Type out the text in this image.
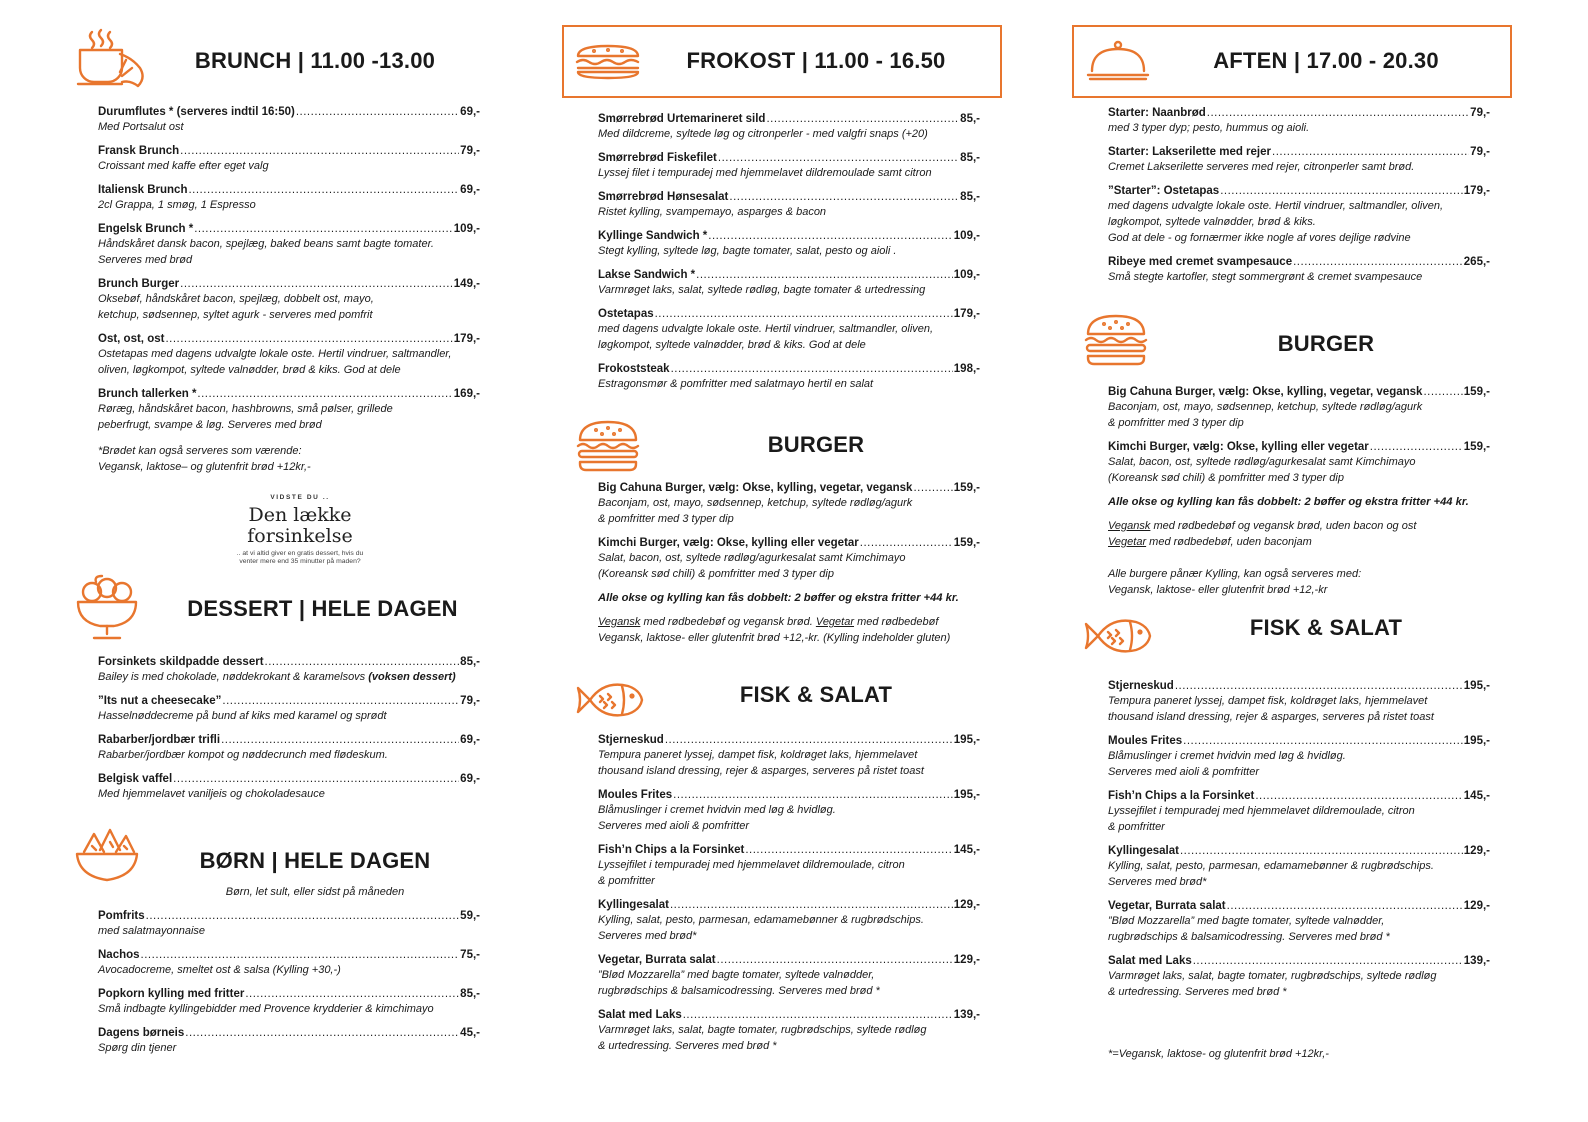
BRUNCH | 11.00 -13.00
Durumflutes * (serveres indtil 16:50) .....	69,-
Med Portsalut ost
Fransk Brunch .....	79,-
Croissant med kaffe efter eget valg
Italiensk Brunch .....	69,-
2cl Grappa, 1 smøg, 1 Espresso
Engelsk Brunch * .....	109,-
Håndskåret dansk bacon, spejlæg, baked beans samt bagte tomater.
Serveres med brød
Brunch Burger .....	149,-
Oksebøf, håndskåret bacon, spejlæg, dobbelt ost, mayo,
ketchup, sødsennep, syltet agurk - serveres med pomfrit
Ost, ost, ost .....	179,-
Ostetapas med dagens udvalgte lokale oste. Hertil vindruer, saltmandler,
oliven, løgkompot, syltede valnødder, brød & kiks. God at dele
Brunch tallerken * .....	169,-
Røræg, håndskåret bacon, hashbrowns, små pølser, grillede
peberfrugt, svampe & løg. Serveres med brød
*Brødet kan også serveres som værende:
Vegansk, laktose– og glutenfrit brød +12kr,-
VIDSTE DU ..
Den lække
forsinkelse
.. at vi altid giver en gratis dessert, hvis du
venter mere end 35 minutter på maden?
DESSERT | HELE DAGEN
Forsinkets skildpadde dessert .....	85,-
Bailey is med chokolade, nøddekrokant & karamelsovs (voksen dessert)
”Its nut a cheesecake” .....	79,-
Hasselnøddecreme på bund af kiks med karamel og sprødt
Rabarber/jordbær trifli .....	69,-
Rabarber/jordbær kompot og nøddecrunch med flødeskum.
Belgisk vaffel .....	69,-
Med hjemmelavet vaniljeis og chokoladesauce
BØRN | HELE DAGEN
Børn, let sult, eller sidst på måneden
Pomfrits .....	59,-
med salatmayonnaise
Nachos .....	75,-
Avocadocreme, smeltet ost & salsa (Kylling +30,-)
Popkorn kylling med fritter .....	85,-
Små indbagte kyllingebidder med Provence krydderier & kimchimayo
Dagens børneis .....	45,-
Spørg din tjener
FROKOST | 11.00 - 16.50
Smørrebrød Urtemarineret sild .....	85,-
Med dildcreme, syltede løg og citronperler - med valgfri snaps (+20)
Smørrebrød Fiskefilet .....	85,-
Lyssej filet i tempuradej med hjemmelavet dildremoulade samt citron
Smørrebrød Hønsesalat .....	85,-
Ristet kylling, svampemayo, asparges & bacon
Kyllinge Sandwich * .....	109,-
Stegt kylling, syltede løg, bagte tomater, salat, pesto og aioli .
Lakse Sandwich * .....	109,-
Varmrøget laks, salat, syltede rødløg, bagte tomater & urtedressing
Ostetapas .....	179,-
med dagens udvalgte lokale oste. Hertil vindruer, saltmandler, oliven,
løgkompot, syltede valnødder, brød & kiks. God at dele
Frokoststeak .....	198,-
Estragonsmør & pomfritter med salatmayo hertil en salat
BURGER
Big Cahuna Burger, vælg: Okse, kylling, vegetar, vegansk .....	159,-
Baconjam, ost, mayo, sødsennep, ketchup, syltede rødløg/agurk
& pomfritter med 3 typer dip
Kimchi Burger, vælg: Okse, kylling eller vegetar .....	159,-
Salat, bacon, ost, syltede rødløg/agurkesalat samt Kimchimayo
(Koreansk sød chili) & pomfritter med 3 typer dip
Alle okse og kylling kan fås dobbelt: 2 bøffer og ekstra fritter +44 kr.
Vegansk med rødbedebøf og vegansk brød. Vegetar med rødbedebøf
Vegansk, laktose- eller glutenfrit brød +12,-kr. (Kylling indeholder gluten)
FISK & SALAT
Stjerneskud .....	195,-
Tempura paneret lyssej, dampet fisk, koldrøget laks, hjemmelavet
thousand island dressing, rejer & asparges, serveres på ristet toast
Moules Frites .....	195,-
Blåmuslinger i cremet hvidvin med løg & hvidløg.
Serveres med aioli & pomfritter
Fish’n Chips a la Forsinket .....	145,-
Lyssejfilet i tempuradej med hjemmelavet dildremoulade, citron
& pomfritter
Kyllingesalat .....	129,-
Kylling, salat, pesto, parmesan, edamamebønner & rugbrødschips.
Serveres med brød*
Vegetar, Burrata salat .....	129,-
”Blød Mozzarella” med bagte tomater, syltede valnødder,
rugbrødschips & balsamicodressing. Serveres med brød *
Salat med Laks .....	139,-
Varmrøget laks, salat, bagte tomater, rugbrødschips, syltede rødløg
& urtedressing. Serveres med brød *
AFTEN | 17.00 - 20.30
Starter: Naanbrød .....	79,-
med 3 typer dyp; pesto, hummus og aioli.
Starter: Lakserilette med rejer .....	79,-
Cremet Lakserilette serveres med rejer, citronperler samt brød.
”Starter”: Ostetapas .....	179,-
med dagens udvalgte lokale oste. Hertil vindruer, saltmandler, oliven,
løgkompot, syltede valnødder, brød & kiks.
God at dele - og fornærmer ikke nogle af vores dejlige rødvine
Ribeye med cremet svampesauce .....	265,-
Små stegte kartofler, stegt sommergrønt & cremet svampesauce
BURGER
Big Cahuna Burger, vælg: Okse, kylling, vegetar, vegansk .....	159,-
Baconjam, ost, mayo, sødsennep, ketchup, syltede rødløg/agurk
& pomfritter med 3 typer dip
Kimchi Burger, vælg: Okse, kylling eller vegetar .....	159,-
Salat, bacon, ost, syltede rødløg/agurkesalat samt Kimchimayo
(Koreansk sød chili) & pomfritter med 3 typer dip
Alle okse og kylling kan fås dobbelt: 2 bøffer og ekstra fritter +44 kr.
Vegansk med rødbedebøf og vegansk brød, uden bacon og ost
Vegetar med rødbedebøf, uden baconjam
Alle burgere pånær Kylling, kan også serveres med:
Vegansk, laktose- eller glutenfrit brød +12,-kr
FISK & SALAT
Stjerneskud .....	195,-
Tempura paneret lyssej, dampet fisk, koldrøget laks, hjemmelavet
thousand island dressing, rejer & asparges, serveres på ristet toast
Moules Frites .....	195,-
Blåmuslinger i cremet hvidvin med løg & hvidløg.
Serveres med aioli & pomfritter
Fish’n Chips a la Forsinket .....	145,-
Lyssejfilet i tempuradej med hjemmelavet dildremoulade, citron
& pomfritter
Kyllingesalat .....	129,-
Kylling, salat, pesto, parmesan, edamamebønner & rugbrødschips.
Serveres med brød*
Vegetar, Burrata salat .....	129,-
”Blød Mozzarella” med bagte tomater, syltede valnødder,
rugbrødschips & balsamicodressing. Serveres med brød *
Salat med Laks .....	139,-
Varmrøget laks, salat, bagte tomater, rugbrødschips, syltede rødløg
& urtedressing. Serveres med brød *
*=Vegansk, laktose- og glutenfrit brød +12kr,-
